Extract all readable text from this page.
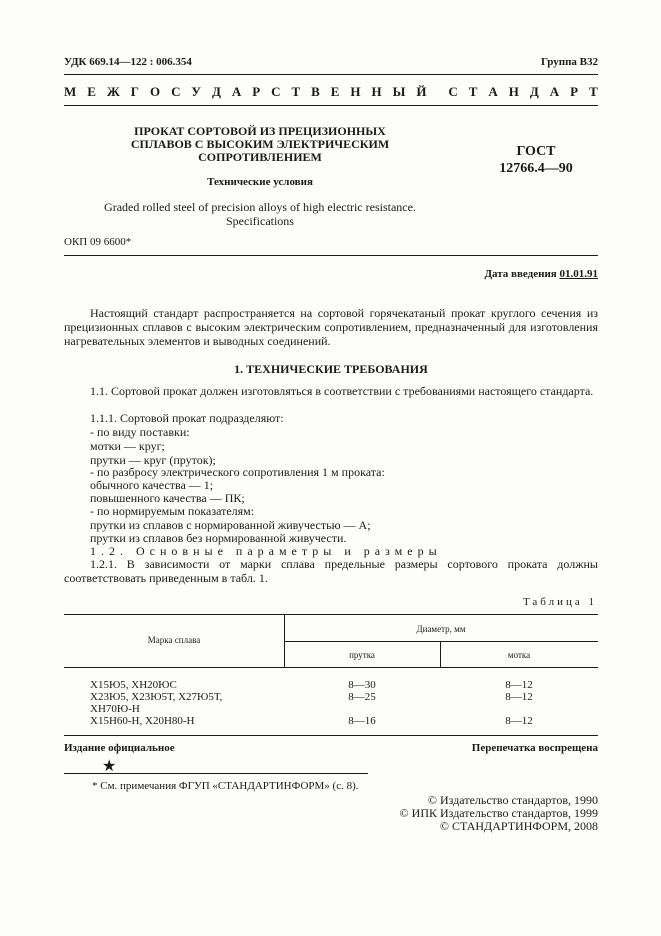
УДК 669.14—122 : 006.354	Группа В32
М Е Ж Г О С У Д А Р С Т В Е Н Н Ы Й С Т А Н Д А Р Т
ПРОКАТ СОРТОВОЙ ИЗ ПРЕЦИЗИОННЫХ
СПЛАВОВ С ВЫСОКИМ ЭЛЕКТРИЧЕСКИМ
СОПРОТИВЛЕНИЕМ
Технические условия
Graded rolled steel of precision alloys of high electric resistance.
Specifications
ГОСТ
12766.4—90
ОКП 09 6600*
Дата введения 01.01.91
Настоящий стандарт распространяется на сортовой горячекатаный прокат круглого сечения из прецизионных сплавов с высоким электрическим сопротивлением, предназначенный для изготовления нагревательных элементов и выводных соединений.
1. ТЕХНИЧЕСКИЕ ТРЕБОВАНИЯ
1.1. Сортовой прокат должен изготовляться в соответствии с требованиями настоящего стандарта.
1.1.1. Сортовой прокат подразделяют:
- по виду поставки:
мотки — круг;
прутки — круг (пруток);
- по разбросу электрического сопротивления 1 м проката:
обычного качества — 1;
повышенного качества — ПК;
- по нормируемым показателям:
прутки из сплавов с нормированной живучестью — А;
прутки из сплавов без нормированной живучести.
1.2. Основные параметры и размеры
1.2.1. В зависимости от марки сплава предельные размеры сортового проката должны соответствовать приведенным в табл. 1.
Таблица 1
Марка сплава
Диаметр, мм
прутка	мотка
Х15Ю5, ХН20ЮС	8—30	8—12
Х23Ю5, Х23Ю5Т, Х27Ю5Т,	8—25	8—12
ХН70Ю-Н
Х15Н60-Н, Х20Н80-Н	8—16	8—12
Издание официальное	Перепечатка воспрещена
★
* См. примечания ФГУП «СТАНДАРТИНФОРМ» (с. 8).
© Издательство стандартов, 1990
© ИПК Издательство стандартов, 1999
© СТАНДАРТИНФОРМ, 2008
